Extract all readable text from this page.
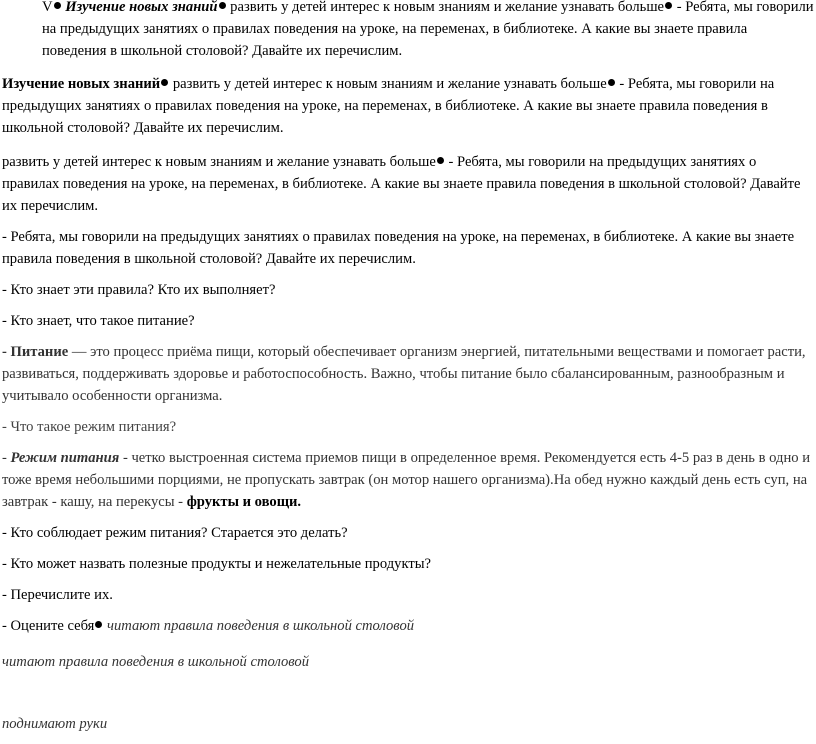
V Изучение новых знаний развить у детей интерес к новым знаниям и желание узнавать больше - Ребята, мы говорили на предыдущих занятиях о правилах поведения на уроке, на переменах, в библиотеке. А какие вы знаете правила поведения в школьной столовой? Давайте их перечислим.

Изучение новых знаний развить у детей интерес к новым знаниям и желание узнавать больше - Ребята, мы говорили на предыдущих занятиях о правилах поведения на уроке, на переменах, в библиотеке. А какие вы знаете правила поведения в школьной столовой? Давайте их перечислим.

развить у детей интерес к новым знаниям и желание узнавать больше - Ребята, мы говорили на предыдущих занятиях о правилах поведения на уроке, на переменах, в библиотеке. А какие вы знаете правила поведения в школьной столовой? Давайте их перечислим.

- Ребята, мы говорили на предыдущих занятиях о правилах поведения на уроке, на переменах, в библиотеке. А какие вы знаете правила поведения в школьной столовой? Давайте их перечислим.

- Кто знает эти правила? Кто их выполняет?

- Кто знает, что такое питание?

- Питание — это процесс приёма пищи, который обеспечивает организм энергией, питательными веществами и помогает расти, развиваться, поддерживать здоровье и работоспособность. Важно, чтобы питание было сбалансированным, разнообразным и учитывало особенности организма.

- Что такое режим питания?

- Режим питания - четко выстроенная система приемов пищи в определенное время. Рекомендуется есть 4-5 раз в день в одно и тоже время небольшими порциями, не пропускать завтрак (он мотор нашего организма).На обед нужно каждый день есть суп, на завтрак - кашу, на перекусы - фрукты и овощи.

- Кто соблюдает режим питания? Старается это делать?

- Кто может назвать полезные продукты и нежелательные продукты?

- Перечислите их.

- Оцените себя читают правила поведения в школьной столовой

читают правила поведения в школьной столовой

поднимают руки
